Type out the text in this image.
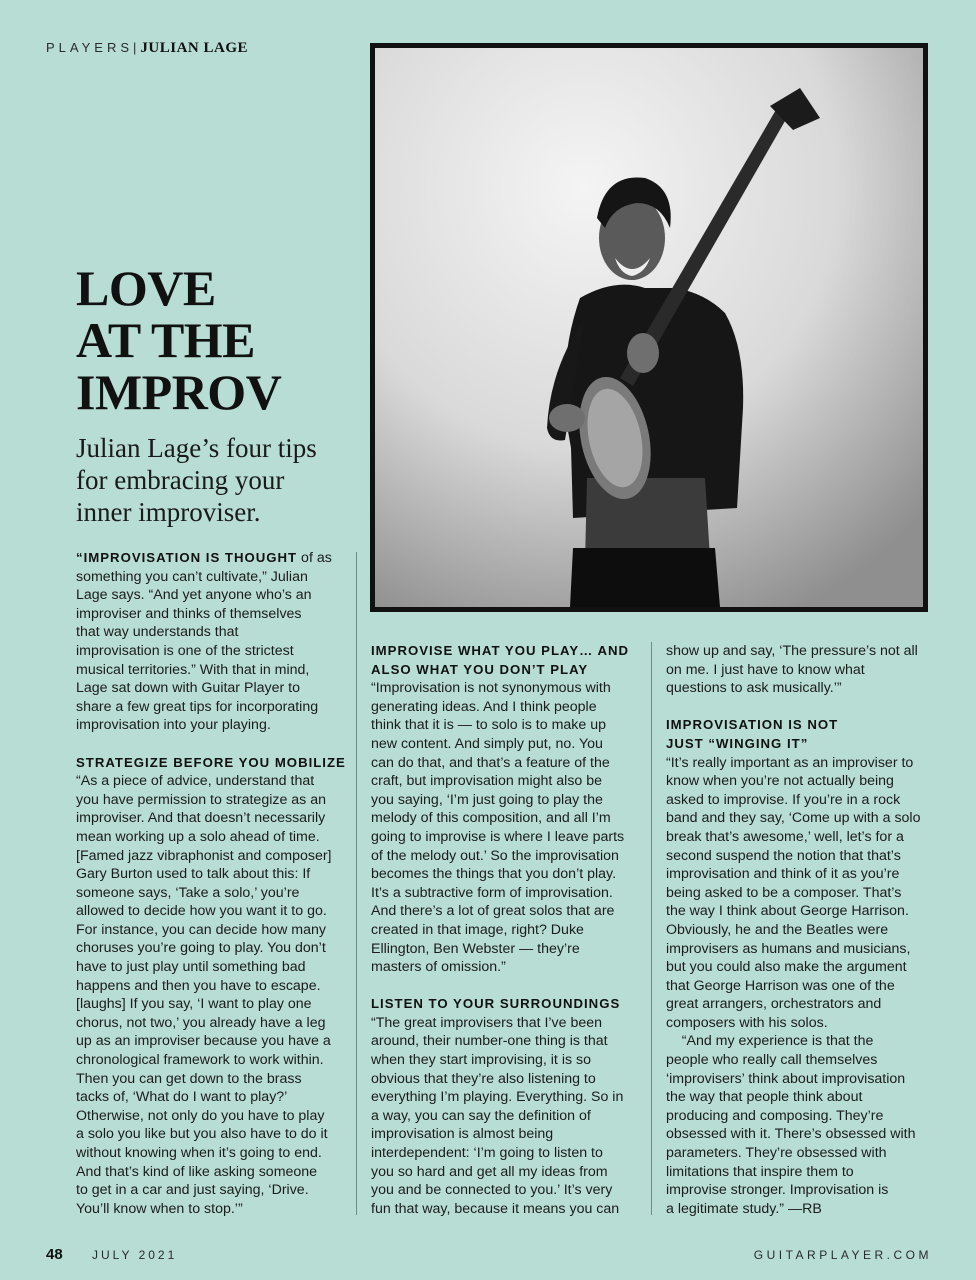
PLAYERS| JULIAN LAGE
LOVE
AT THE
IMPROV
Julian Lage’s four tips
for embracing your
inner improviser.
“IMPROVISATION IS THOUGHT of as
something you can’t cultivate,” Julian
Lage says. “And yet anyone who’s an
improviser and thinks of themselves
that way understands that
improvisation is one of the strictest
musical territories.” With that in mind,
Lage sat down with Guitar Player to
share a few great tips for incorporating
improvisation into your playing.
STRATEGIZE BEFORE YOU MOBILIZE
“As a piece of advice, understand that
you have permission to strategize as an
improviser. And that doesn’t necessarily
mean working up a solo ahead of time.
[Famed jazz vibraphonist and composer]
Gary Burton used to talk about this: If
someone says, ‘Take a solo,’ you’re
allowed to decide how you want it to go.
For instance, you can decide how many
choruses you’re going to play. You don’t
have to just play until something bad
happens and then you have to escape.
[laughs] If you say, ‘I want to play one
chorus, not two,’ you already have a leg
up as an improviser because you have a
chronological framework to work within.
Then you can get down to the brass
tacks of, ‘What do I want to play?’
Otherwise, not only do you have to play
a solo you like but you also have to do it
without knowing when it’s going to end.
And that’s kind of like asking someone
to get in a car and just saying, ‘Drive.
You’ll know when to stop.’”
IMPROVISE WHAT YOU PLAY… AND
ALSO WHAT YOU DON’T PLAY
“Improvisation is not synonymous with
generating ideas. And I think people
think that it is — to solo is to make up
new content. And simply put, no. You
can do that, and that’s a feature of the
craft, but improvisation might also be
you saying, ‘I’m just going to play the
melody of this composition, and all I’m
going to improvise is where I leave parts
of the melody out.’ So the improvisation
becomes the things that you don’t play.
It’s a subtractive form of improvisation.
And there’s a lot of great solos that are
created in that image, right? Duke
Ellington, Ben Webster — they’re
masters of omission.”
LISTEN TO YOUR SURROUNDINGS
“The great improvisers that I’ve been
around, their number-one thing is that
when they start improvising, it is so
obvious that they’re also listening to
everything I’m playing. Everything. So in
a way, you can say the definition of
improvisation is almost being
interdependent: ‘I’m going to listen to
you so hard and get all my ideas from
you and be connected to you.’ It’s very
fun that way, because it means you can
show up and say, ‘The pressure’s not all
on me. I just have to know what
questions to ask musically.’”
IMPROVISATION IS NOT
JUST “WINGING IT”
“It’s really important as an improviser to
know when you’re not actually being
asked to improvise. If you’re in a rock
band and they say, ‘Come up with a solo
break that’s awesome,’ well, let’s for a
second suspend the notion that that’s
improvisation and think of it as you’re
being asked to be a composer. That’s
the way I think about George Harrison.
Obviously, he and the Beatles were
improvisers as humans and musicians,
but you could also make the argument
that George Harrison was one of the
great arrangers, orchestrators and
composers with his solos.
“And my experience is that the
people who really call themselves
‘improvisers’ think about improvisation
the way that people think about
producing and composing. They’re
obsessed with it. There’s obsessed with
parameters. They’re obsessed with
limitations that inspire them to
improvise stronger. Improvisation is
a legitimate study.” —RB
48 JULY 2021	GUITARPLAYER.COM
